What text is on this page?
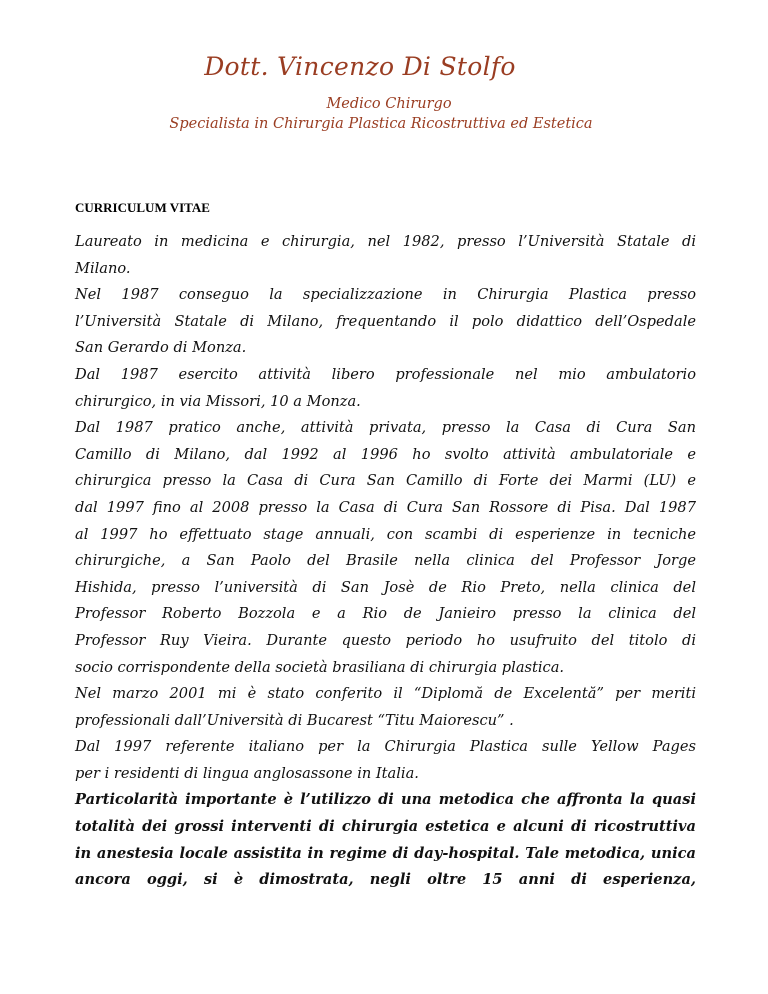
Dott. Vincenzo Di Stolfo
Medico Chirurgo
Specialista in Chirurgia Plastica Ricostruttiva ed Estetica
CURRICULUM VITAE

Laureato in medicina e chirurgia, nel 1982, presso l’Università Statale di
Milano.

Nel 1987 conseguo la specializzazione in Chirurgia Plastica presso
l’Università Statale di Milano, frequentando il polo didattico dell’Ospedale
San Gerardo di Monza.

Dal 1987 esercito attività libero professionale nel mio ambulatorio
chirurgico, in via Missori, 10 a Monza.

Dal 1987 pratico anche, attività privata, presso la Casa di Cura San
Camillo di Milano, dal 1992 al 1996 ho svolto attività ambulatoriale e
chirurgica presso la Casa di Cura San Camillo di Forte dei Marmi (LU) e
dal 1997 fino al 2008 presso la Casa di Cura San Rossore di Pisa. Dal 1987
al 1997 ho effettuato stage annuali, con scambi di esperienze in tecniche
chirurgiche, a San Paolo del Brasile nella clinica del Professor Jorge
Hishida, presso l’università di San Josè de Rio Preto, nella clinica del
Professor Roberto Bozzola e a Rio de Janieiro presso la clinica del
Professor Ruy Vieira. Durante questo periodo ho usufruito del titolo di
socio corrispondente della società brasiliana di chirurgia plastica.

Nel marzo 2001 mi è stato conferito il “Diplomă de Excelentă” per meriti
professionali dall’Università di Bucarest “Titu Maiorescu” .

Dal 1997 referente italiano per la Chirurgia Plastica sulle Yellow Pages
per i residenti di lingua anglosassone in Italia.

Particolarità importante è l’utilizzo di una metodica che affronta la quasi
totalità dei grossi interventi di chirurgia estetica e alcuni di ricostruttiva
in anestesia locale assistita in regime di day-hospital. Tale metodica, unica
ancora oggi, si è dimostrata, negli oltre 15 anni di esperienza,
